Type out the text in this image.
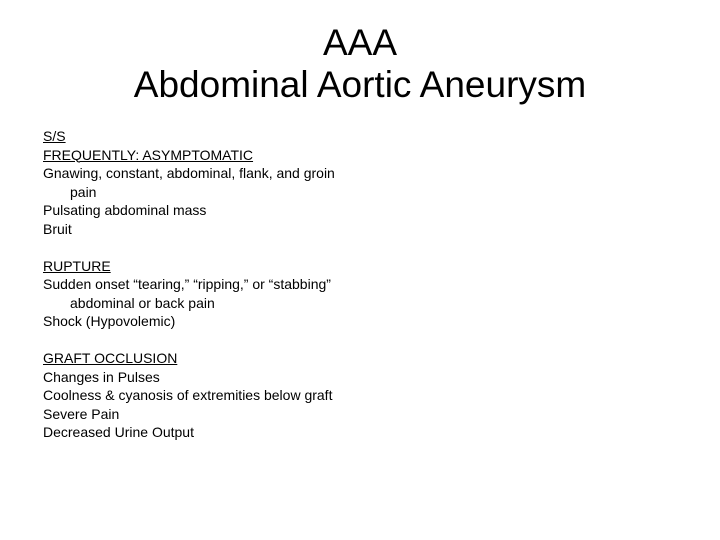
AAA
Abdominal Aortic Aneurysm
S/S
FREQUENTLY: ASYMPTOMATIC
Gnawing, constant, abdominal, flank, and groin pain
Pulsating abdominal mass
Bruit
RUPTURE
Sudden onset “tearing,” “ripping,” or “stabbing” abdominal or back pain
Shock (Hypovolemic)
GRAFT OCCLUSION
Changes in Pulses
Coolness & cyanosis of extremities below graft
Severe Pain
Decreased Urine Output
